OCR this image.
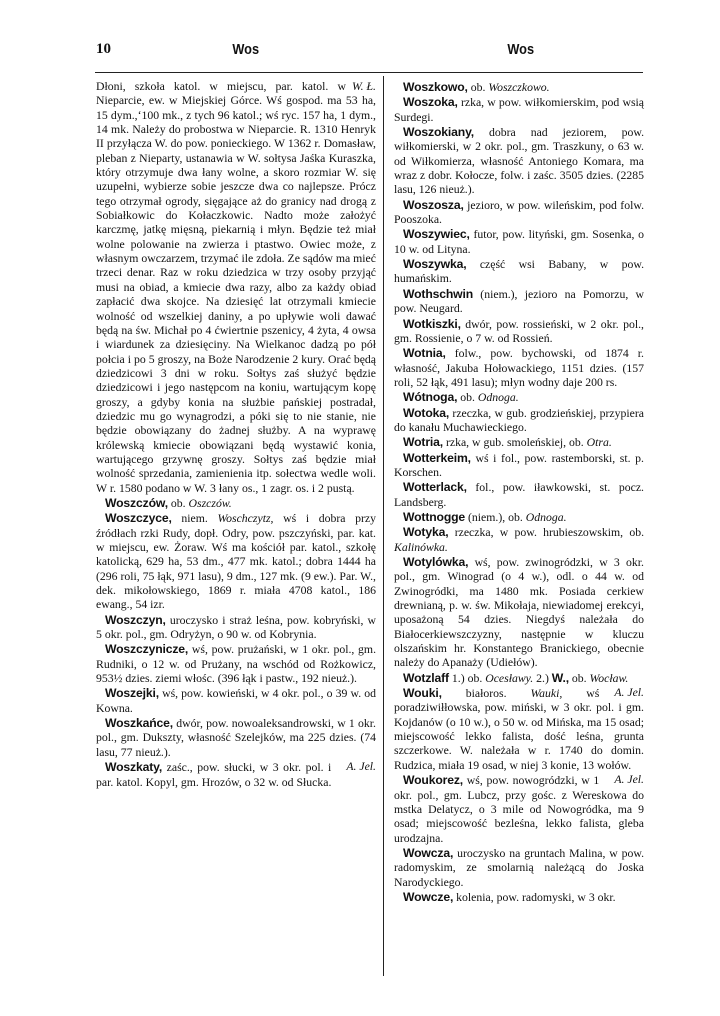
10	Wos	Wos

W. Ł.
Dłoni, szkoła katol. w miejscu, par. katol. w Nieparcie, ew. w Miejskiej Górce. Wś gospod. ma 53 ha, 15 dym.,‘100 mk., z tych 96 katol.; wś ryc. 157 ha, 1 dym., 14 mk. Należy do probostwa w Nieparcie. R. 1310 Henryk II przyłącza W. do pow. ponieckiego. W 1362 r. Domasław, pleban z Nieparty, ustanawia w W. sołtysa Jaśka Kuraszka, który otrzymuje dwa łany wolne, a skoro rozmiar W. się uzupełni, wybierze sobie jeszcze dwa co najlepsze. Prócz tego otrzymał ogrody, sięgające aż do granicy nad drogą z Sobiałkowic do Kołaczkowic. Nadto może założyć karczmę, jatkę mięsną, piekarnią i młyn. Będzie też miał wolne polowanie na zwierza i ptastwo. Owiec może, z własnym owczarzem, trzymać ile zdoła. Ze sądów ma mieć trzeci denar. Raz w roku dziedzica w trzy osoby przyjąć musi na obiad, a kmiecie dwa razy, albo za każdy obiad zapłacić dwa skojce. Na dziesięć lat otrzymali kmiecie wolność od wszelkiej daniny, a po upływie woli dawać będą na św. Michał po 4 ćwiertnie pszenicy, 4 żyta, 4 owsa i wiardunek za dziesięciny. Na Wielkanoc dadzą po pół połcia i po 5 groszy, na Boże Narodzenie 2 kury. Orać będą dziedzicowi 3 dni w roku. Sołtys zaś służyć będzie dziedzicowi i jego następcom na koniu, wartującym kopę groszy, a gdyby konia na służbie pańskiej postradał, dziedzic mu go wynagrodzi, a póki się to nie stanie, nie będzie obowiązany do żadnej służby. A na wyprawę królewską kmiecie obowiązani będą wystawić konia, wartującego grzywnę groszy. Sołtys zaś będzie miał wolność sprzedania, zamienienia itp. sołectwa wedle woli. W r. 1580 podano w W. 3 łany os., 1 zagr. os. i 2 pustą.

Woszczów, ob. Oszczów.

Woszczyce, niem. Woschczytz, wś i dobra przy źródłach rzki Rudy, dopł. Odry, pow. pszczyński, par. kat. w miejscu, ew. Żoraw. Wś ma kościół par. katol., szkołę katolicką, 629 ha, 53 dm., 477 mk. katol.; dobra 1444 ha (296 roli, 75 łąk, 971 lasu), 9 dm., 127 mk. (9 ew.). Par. W., dek. mikołowskiego, 1869 r. miała 4708 katol., 186 ewang., 54 izr.

Woszczyn, uroczysko i straż leśna, pow. kobryński, w 5 okr. pol., gm. Odryżyn, o 90 w. od Kobrynia.

Woszczynicze, wś, pow. prużański, w 1 okr. pol., gm. Rudniki, o 12 w. od Prużany, na wschód od Rożkowicz, 953½ dzies. ziemi włośc. (396 łąk i pastw., 192 nieuż.).

Woszejki, wś, pow. kowieński, w 4 okr. pol., o 39 w. od Kowna.

Woszkańce, dwór, pow. nowoaleksandrowski, w 1 okr. pol., gm. Dukszty, własność Szelejków, ma 225 dzies. (74 lasu, 77 nieuż.).

A. Jel.
Woszkaty, zaśc., pow. słucki, w 3 okr. pol. i par. katol. Kopyl, gm. Hrozów, o 32 w. od Słucka.

Woszkowo, ob. Woszczkowo.

Woszoka, rzka, w pow. wiłkomierskim, pod wsią Surdegi.

Woszokiany, dobra nad jeziorem, pow. wiłkomierski, w 2 okr. pol., gm. Traszkuny, o 63 w. od Wiłkomierza, własność Antoniego Komara, ma wraz z dobr. Kołocze, folw. i zaśc. 3505 dzies. (2285 lasu, 126 nieuż.).

Woszosza, jezioro, w pow. wileńskim, pod folw. Pooszoka.

Woszywiec, futor, pow. lityński, gm. Sosenka, o 10 w. od Lityna.

Woszywka, część wsi Babany, w pow. humańskim.

Wothschwin (niem.), jezioro na Pomorzu, w pow. Neugard.

Wotkiszki, dwór, pow. rossieński, w 2 okr. pol., gm. Rossienie, o 7 w. od Rossień.

Wotnia, folw., pow. bychowski, od 1874 r. własność, Jakuba Hołowackiego, 1151 dzies. (157 roli, 52 łąk, 491 lasu); młyn wodny daje 200 rs.

Wótnoga, ob. Odnoga.

Wotoka, rzeczka, w gub. grodzieńskiej, przypiera do kanału Muchawieckiego.

Wotria, rzka, w gub. smoleńskiej, ob. Otra.

Wotterkeim, wś i fol., pow. rastemborski, st. p. Korschen.

Wotterlack, fol., pow. iławkowski, st. pocz. Landsberg.

Wottnogge (niem.), ob. Odnoga.

Wotyka, rzeczka, w pow. hrubieszowskim, ob. Kalinówka.

Wotylówka, wś, pow. zwinogródzki, w 3 okr. pol., gm. Winograd (o 4 w.), odl. o 44 w. od Zwinogródki, ma 1480 mk. Posiada cerkiew drewnianą, p. w. św. Mikołaja, niewiadomej erekcyi, uposażoną 54 dzies. Niegdyś należała do Białocerkiewszczyzny, następnie w kluczu olszańskim hr. Konstantego Branickiego, obecnie należy do Apanaży (Udiełów).

Wotzlaff 1.) ob. Ocesławy. 2.) W., ob. Wocław.

A. Jel.
Wouki, białoros. Wauki, wś poradziwiłłowska, pow. miński, w 3 okr. pol. i gm. Kojdanów (o 10 w.), o 50 w. od Mińska, ma 15 osad; miejscowość lekko falista, dość leśna, grunta szczerkowe. W. należała w r. 1740 do domin. Rudzica, miała 19 osad, w niej 3 konie, 13 wołów.

A. Jel.
Woukorez, wś, pow. nowogródzki, w 1 okr. pol., gm. Lubcz, przy gośc. z Wereskowa do mstka Delatycz, o 3 mile od Nowogródka, ma 9 osad; miejscowość bezleśna, lekko falista, gleba urodzajna.

Wowcza, uroczysko na gruntach Malina, w pow. radomyskim, ze smolarnią należącą do Joska Narodyckiego.

Wowcze, kolenia, pow. radomyski, w 3 okr.
